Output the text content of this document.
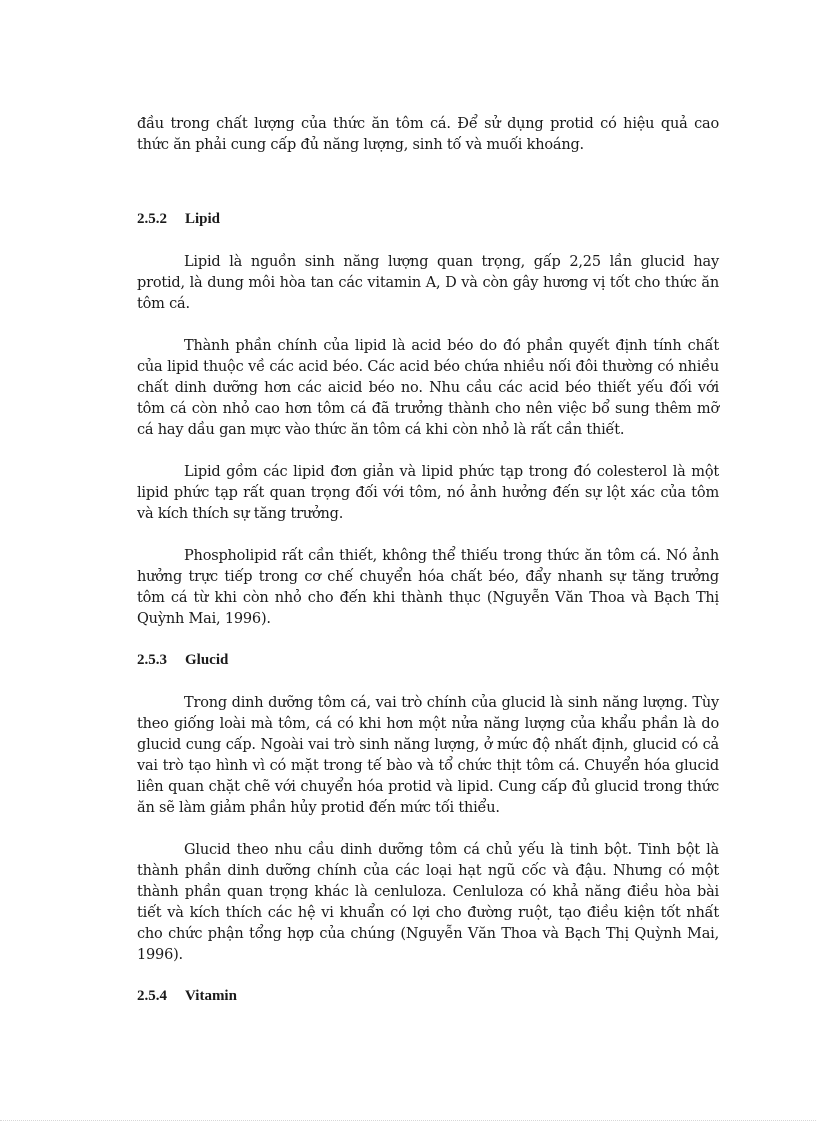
đầu trong chất lượng của thức ăn tôm cá. Để sử dụng protid có hiệu quả cao thức ăn phải cung cấp đủ năng lượng, sinh tố và muối khoáng.

2.5.2 Lipid

Lipid là nguồn sinh năng lượng quan trọng, gấp 2,25 lần glucid hay protid, là dung môi hòa tan các vitamin A, D và còn gây hương vị tốt cho thức ăn tôm cá.

Thành phần chính của lipid là acid béo do đó phần quyết định tính chất của lipid thuộc về các acid béo. Các acid béo chứa nhiều nối đôi thường có nhiều chất dinh dưỡng hơn các aicid béo no. Nhu cầu các acid béo thiết yếu đối với tôm cá còn nhỏ cao hơn tôm cá đã trưởng thành cho nên việc bổ sung thêm mỡ cá hay dầu gan mực vào thức ăn tôm cá khi còn nhỏ là rất cần thiết.

Lipid gồm các lipid đơn giản và lipid phức tạp trong đó colesterol là một lipid phức tạp rất quan trọng đối với tôm, nó ảnh hưởng đến sự lột xác của tôm và kích thích sự tăng trưởng.

Phospholipid rất cần thiết, không thể thiếu trong thức ăn tôm cá. Nó ảnh hưởng trực tiếp trong cơ chế chuyển hóa chất béo, đẩy nhanh sự tăng trưởng tôm cá từ khi còn nhỏ cho đến khi thành thục (Nguyễn Văn Thoa và Bạch Thị Quỳnh Mai, 1996).

2.5.3 Glucid

Trong dinh dưỡng tôm cá, vai trò chính của glucid là sinh năng lượng. Tùy theo giống loài mà tôm, cá có khi hơn một nửa năng lượng của khẩu phần là do glucid cung cấp. Ngoài vai trò sinh năng lượng, ở mức độ nhất định, glucid có cả vai trò tạo hình vì có mặt trong tế bào và tổ chức thịt tôm cá. Chuyển hóa glucid liên quan chặt chẽ với chuyển hóa protid và lipid. Cung cấp đủ glucid trong thức ăn sẽ làm giảm phần hủy protid đến mức tối thiểu.

Glucid theo nhu cầu dinh dưỡng tôm cá chủ yếu là tinh bột. Tinh bột là thành phần dinh dưỡng chính của các loại hạt ngũ cốc và đậu. Nhưng có một thành phần quan trọng khác là cenluloza. Cenluloza có khả năng điều hòa bài tiết và kích thích các hệ vi khuẩn có lợi cho đường ruột, tạo điều kiện tốt nhất cho chức phận tổng hợp của chúng (Nguyễn Văn Thoa và Bạch Thị Quỳnh Mai, 1996).

2.5.4 Vitamin
